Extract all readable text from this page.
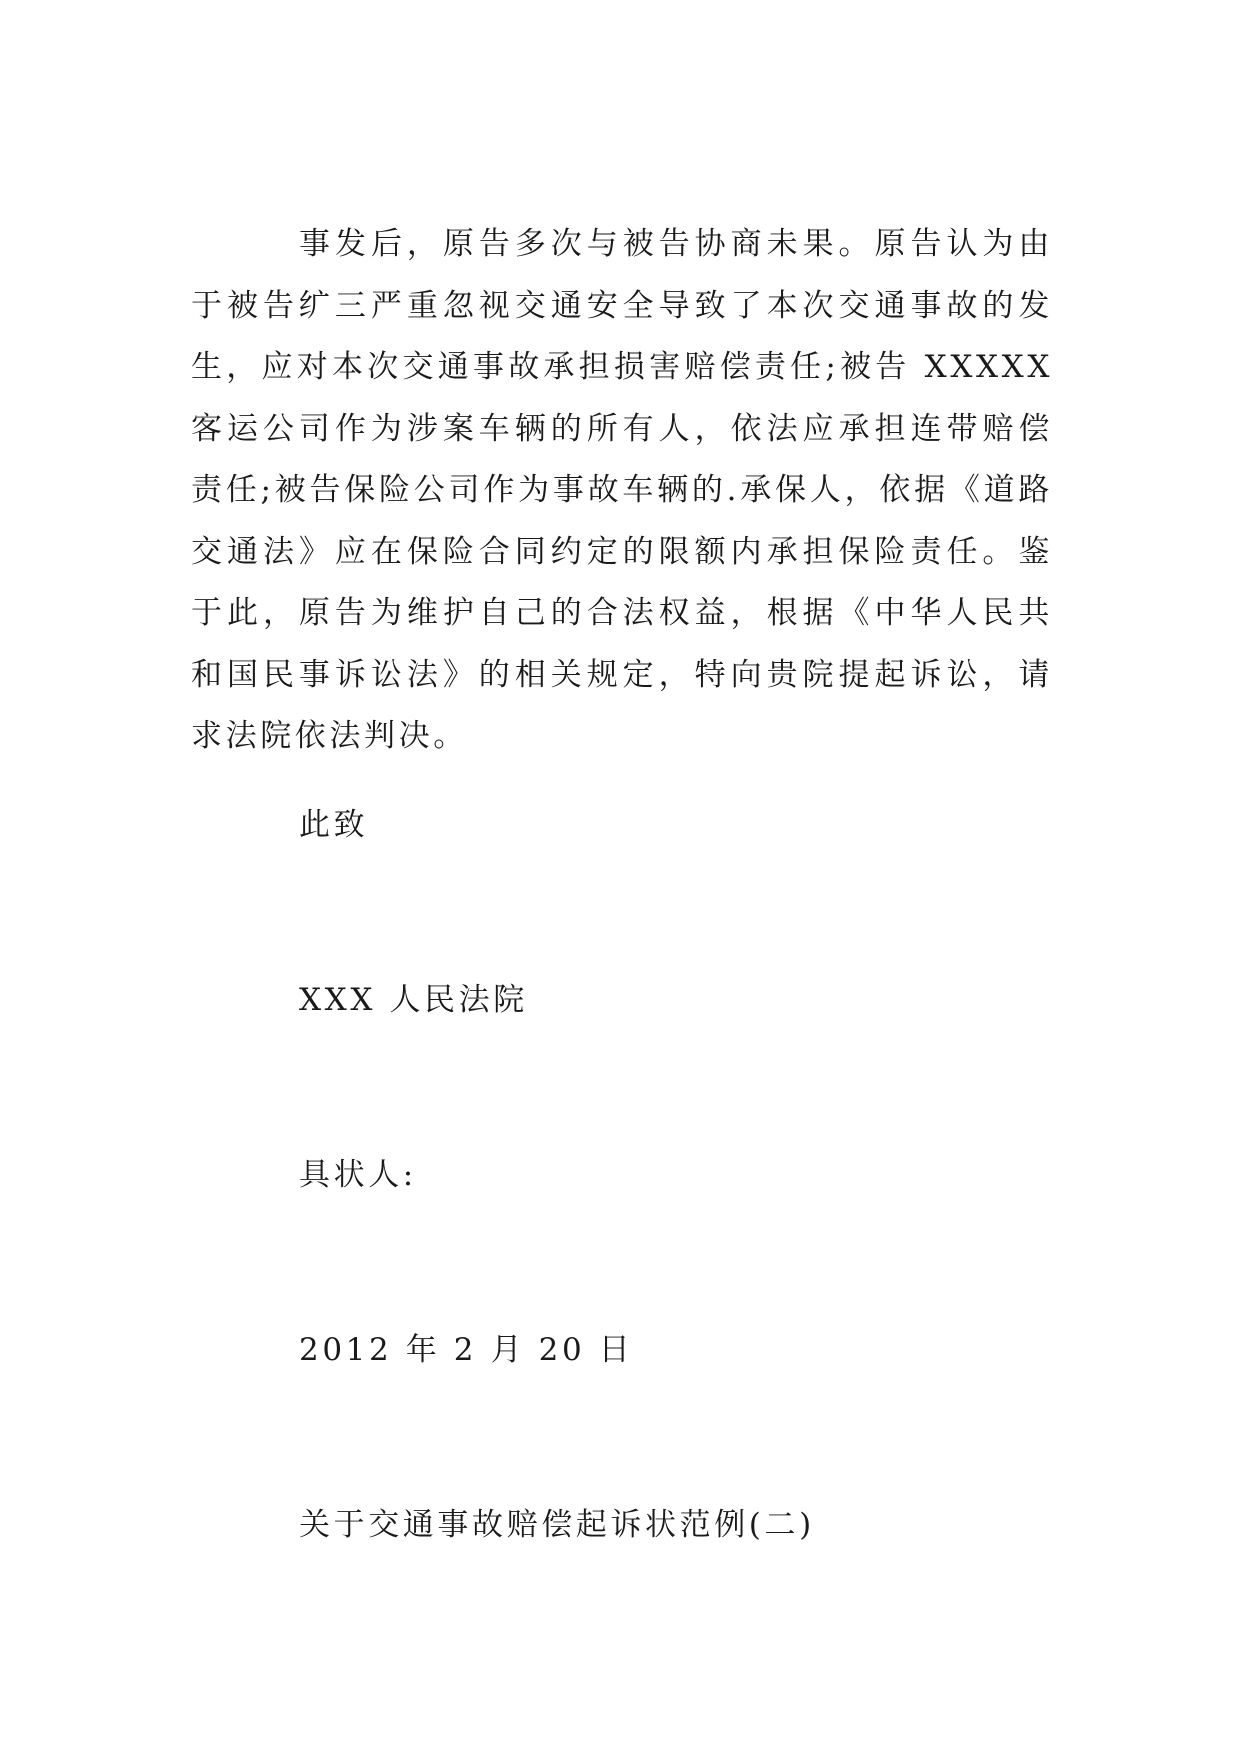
事发后，原告多次与被告协商未果。原告认为由于被告纩三严重忽视交通安全导致了本次交通事故的发生，应对本次交通事故承担损害赔偿责任;被告 XXXXX 客运公司作为涉案车辆的所有人，依法应承担连带赔偿责任;被告保险公司作为事故车辆的.承保人，依据《道路交通法》应在保险合同约定的限额内承担保险责任。鉴于此，原告为维护自己的合法权益，根据《中华人民共和国民事诉讼法》的相关规定，特向贵院提起诉讼，请求法院依法判决。

此致

XXX 人民法院

具状人:

2012 年 2 月 20 日

关于交通事故赔偿起诉状范例(二)
